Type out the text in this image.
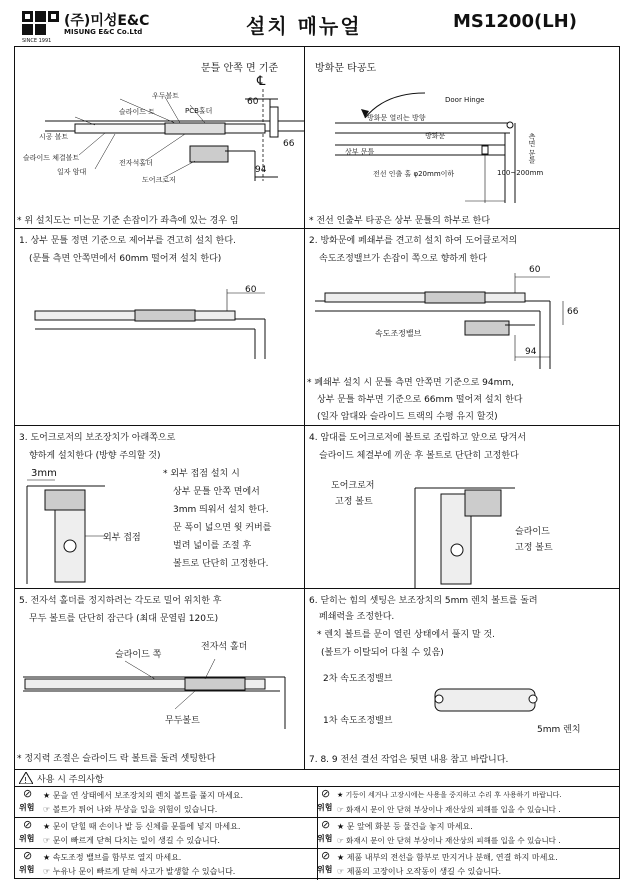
(주)미성E&C
MISUNG E&C Co.Ltd
SINCE 1991
설치 매뉴얼	MS1200(LH)
문틀 안쪽 면 기준
℄
시공 볼트
슬라이드 트
우두볼트
PCB홀더
슬라이드 체결볼트
전자석홀더
일자 암대
도어크로저
60
66
94
* 위 설치도는 미는문 기준 손잡이가 좌측에 있는 경우 임
방화문 타공도
Door Hinge
방화문 열리는 방향
방화문
상부 문틀
전선 인출 홀 φ20mm이하
측면 문틀
100~200mm
* 전선 인출부 타공은 상부 문틀의 하부로 한다
1. 상부 문틀 정면 기준으로 제어부를 견고히 설치 한다.
(문틀 측면 안쪽면에서 60mm 떨어져 설치 한다)
60
2. 방화문에 페쇄부를 견고히 설치 하여 도어클로저의
속도조정밸브가 손잡이 쪽으로 향하게 한다
속도조정밸브
60
66
94
* 폐쇄부 설치 시 문틀 측면 안쪽면 기준으로 94mm,
상부 문틀 하부면 기준으로 66mm 떨어져 설치 한다
(일자 암대와 슬라이드 트랙의 수평 유지 할것)
3. 도어크로저의 보조장치가 아래쪽으로
향하게 설치한다 (방향 주의할 것)
3mm
외부 접점
* 외부 접점 설치 시
상부 문틀 안쪽 면에서
3mm 띄워서 설치 한다.
문 폭이 넓으면 윗 커버를
벌려 넓이를 조절 후
볼트로 단단히 고정한다.
4. 암대를 도어크로저에 볼트로 조립하고 앞으로 당겨서
슬라이드 체결부에 끼운 후 볼트로 단단히 고정한다
도어크로저
고정 볼트
슬라이드
고정 볼트
5. 전자석 홀더를 정지하려는 각도로 밀어 위치한 후
무두 볼트를 단단히 잠근다 (최대 문열림 120도)
슬라이드 쪽
전자석 홀더
무두볼트
* 정지력 조절은 슬라이드 락 볼트를 돌려 셋팅한다
6. 닫히는 힘의 셋팅은 보조장치의 5mm 렌치 볼트를 돌려
페쇄력을 조정한다.
* 렌치 볼트를 문이 열린 상태에서 풀지 말 것.
(볼트가 이탈되어 다칠 수 있음)
2차 속도조정밸브
1차 속도조정밸브
5mm 렌치
7. 8. 9 전선 결선 작업은 뒷면 내용 참고 바랍니다.
! 사용 시 주의사항
⊘
위험
★ 문을 연 상태에서 보조장치의 렌치 볼트를 풀지 마세요.
☞ 볼트가 튀어 나와 부상을 입을 위험이 있습니다.
⊘
위험
★ 기등이 세거나 고장시에는 사용을 중지하고 수리 후 사용하기 바랍니다.
☞ 화재시 문이 안 닫혀 부상이나 재산상의 피해를 입을 수 있습니다 .
⊘
위험
★ 문이 닫힐 때 손이나 발 등 신체를 문틀에 넣지 마세요.
☞ 문이 빠르게 닫혀 다치는 일이 생길 수 있습니다.
⊘
위험
★ 문 앞에 화분 등 물건을 놓지 마세요.
☞ 화재시 문이 안 닫혀 부상이나 재산상의 피해를 입을 수 있습니다 .
⊘
위험
★ 속도조정 밸브를 함부로 열지 마세요.
☞ 누유나 문이 빠르게 닫혀 사고가 발생할 수 있습니다.
⊘
위험
★ 제품 내부의 전선을 함부로 만지거나 분해, 연결 하지 마세요.
☞ 제품의 고장이나 오작동이 생길 수 있습니다.
